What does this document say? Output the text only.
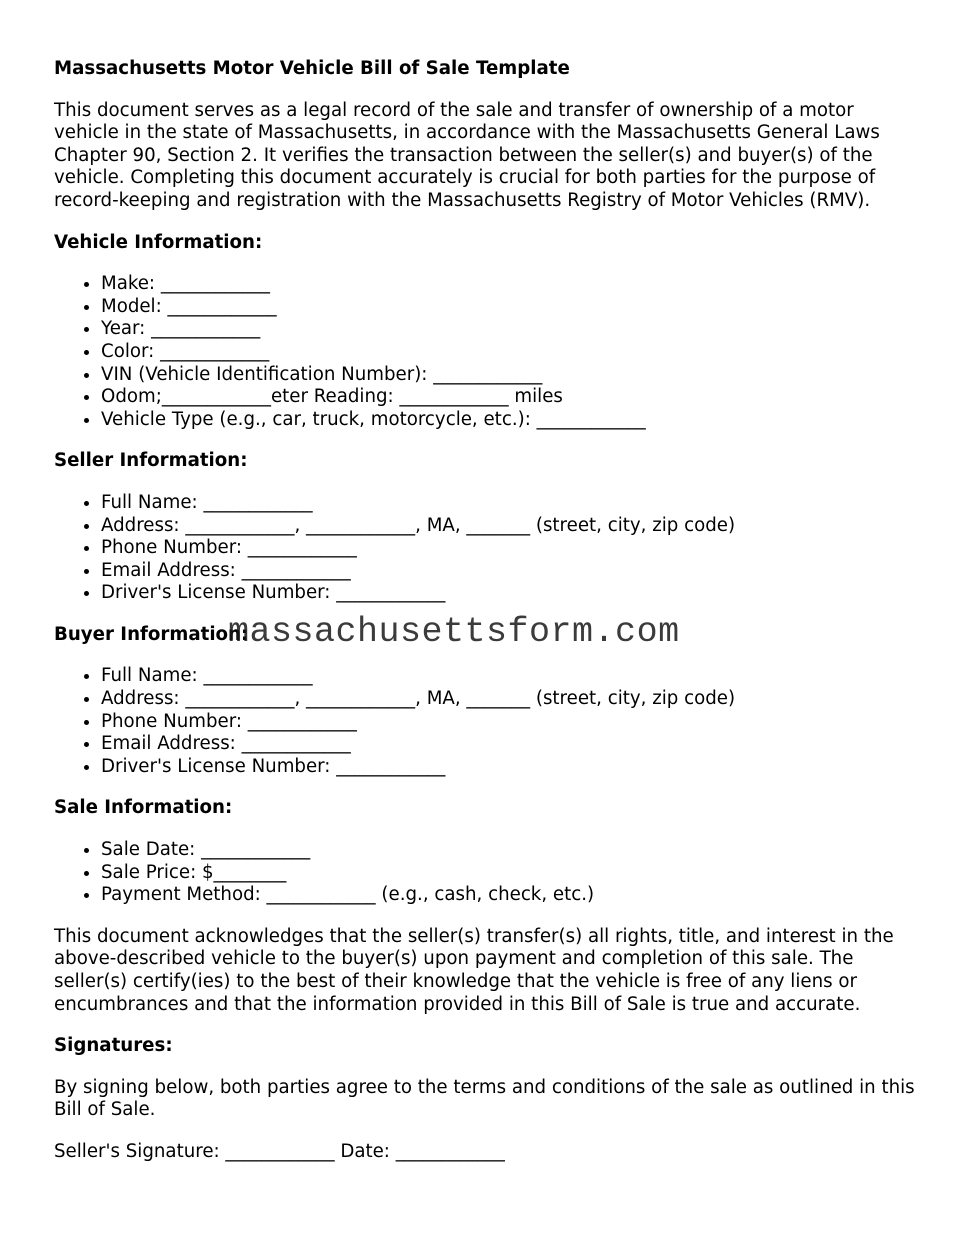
Massachusetts Motor Vehicle Bill of Sale Template
This document serves as a legal record of the sale and transfer of ownership of a motor vehicle in the state of Massachusetts, in accordance with the Massachusetts General Laws Chapter 90, Section 2. It verifies the transaction between the seller(s) and buyer(s) of the vehicle. Completing this document accurately is crucial for both parties for the purpose of record-keeping and registration with the Massachusetts Registry of Motor Vehicles (RMV).
Vehicle Information:
• Make: ____________
• Model: ____________
• Year: ____________
• Color: ____________
• VIN (Vehicle Identification Number): ____________
• Odom;____________eter Reading: ____________ miles
• Vehicle Type (e.g., car, truck, motorcycle, etc.): ____________
Seller Information:
• Full Name: ____________
• Address: ____________, ____________, MA, _______ (street, city, zip code)
• Phone Number: ____________
• Email Address: ____________
• Driver's License Number: ____________
Buyer Information:
• Full Name: ____________
• Address: ____________, ____________, MA, _______ (street, city, zip code)
• Phone Number: ____________
• Email Address: ____________
• Driver's License Number: ____________
Sale Information:
• Sale Date: ____________
• Sale Price: $________
• Payment Method: ____________ (e.g., cash, check, etc.)
This document acknowledges that the seller(s) transfer(s) all rights, title, and interest in the above-described vehicle to the buyer(s) upon payment and completion of this sale. The seller(s) certify(ies) to the best of their knowledge that the vehicle is free of any liens or encumbrances and that the information provided in this Bill of Sale is true and accurate.
Signatures:
By signing below, both parties agree to the terms and conditions of the sale as outlined in this Bill of Sale.
Seller's Signature: ____________ Date: ____________
massachusettsform.com
